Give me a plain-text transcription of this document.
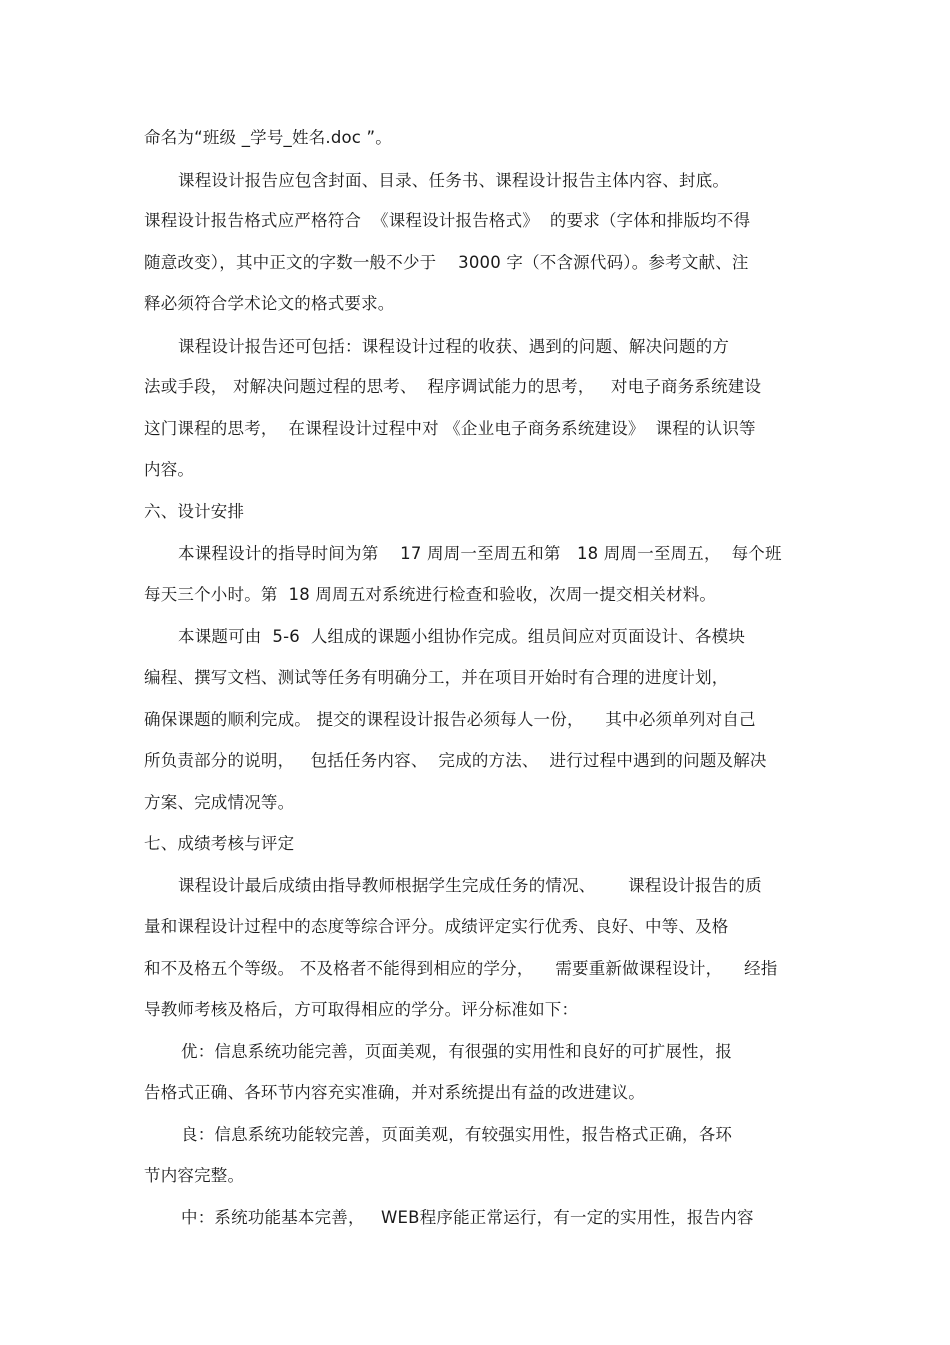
命名为“班级 _学号_姓名.doc ”。
课程设计报告应包含封面、目录、任务书、课程设计报告主体内容、封底。
课程设计报告格式应严格符合  《课程设计报告格式》  的要求（字体和排版均不得
随意改变），其中正文的字数一般不少于    3000 字（不含源代码）。参考文献、注
释必须符合学术论文的格式要求。
课程设计报告还可包括：课程设计过程的收获、遇到的问题、解决问题的方
法或手段， 对解决问题过程的思考、  程序调试能力的思考，   对电子商务系统建设
这门课程的思考，  在课程设计过程中对 《企业电子商务系统建设》  课程的认识等
内容。
六、设计安排
本课程设计的指导时间为第    17 周周一至周五和第   18 周周一至周五，  每个班
每天三个小时。第  18 周周五对系统进行检查和验收，次周一提交相关材料。
本课题可由  5-6  人组成的课题小组协作完成。组员间应对页面设计、各模块
编程、撰写文档、测试等任务有明确分工，并在项目开始时有合理的进度计划，
确保课题的顺利完成。 提交的课程设计报告必须每人一份，    其中必须单列对自己
所负责部分的说明，   包括任务内容、  完成的方法、  进行过程中遇到的问题及解决
方案、完成情况等。
七、成绩考核与评定
课程设计最后成绩由指导教师根据学生完成任务的情况、      课程设计报告的质
量和课程设计过程中的态度等综合评分。成绩评定实行优秀、良好、中等、及格
和不及格五个等级。 不及格者不能得到相应的学分，    需要重新做课程设计，    经指
导教师考核及格后，方可取得相应的学分。评分标准如下：
优：信息系统功能完善，页面美观，有很强的实用性和良好的可扩展性，报
告格式正确、各环节内容充实准确，并对系统提出有益的改进建议。
良：信息系统功能较完善，页面美观，有较强实用性，报告格式正确，各环
节内容完整。
中：系统功能基本完善，   WEB程序能正常运行，有一定的实用性，报告内容
